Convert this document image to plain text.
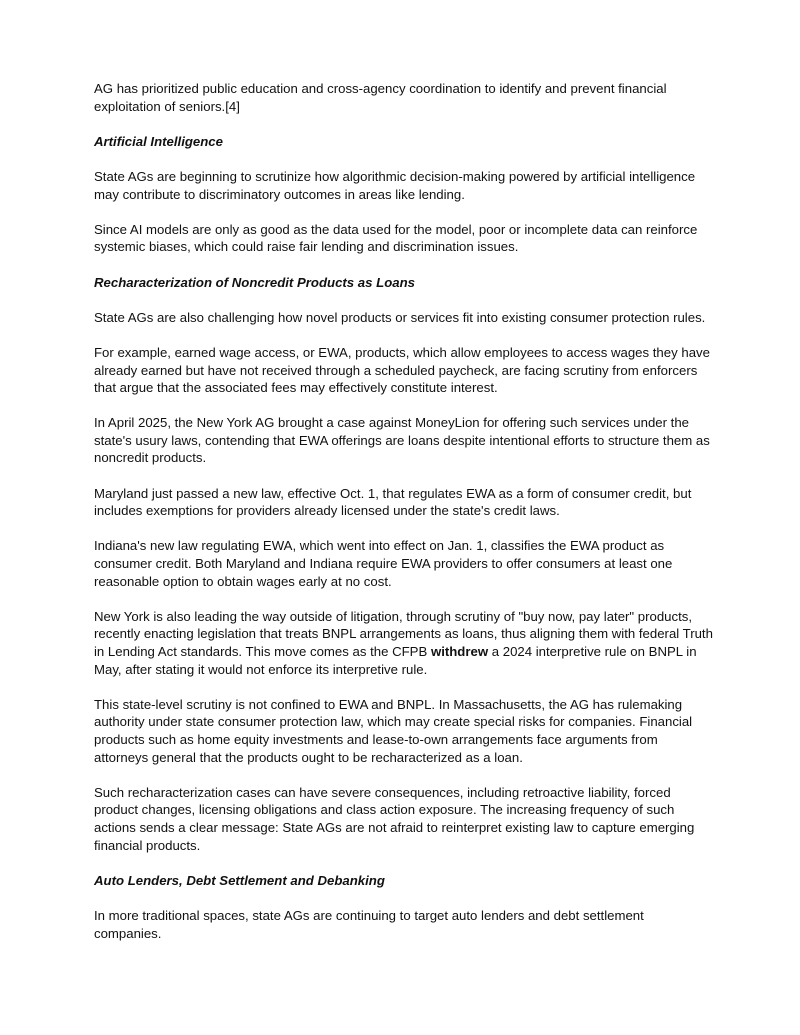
AG has prioritized public education and cross-agency coordination to identify and prevent financial exploitation of seniors.[4]

Artificial Intelligence

State AGs are beginning to scrutinize how algorithmic decision-making powered by artificial intelligence may contribute to discriminatory outcomes in areas like lending.

Since AI models are only as good as the data used for the model, poor or incomplete data can reinforce systemic biases, which could raise fair lending and discrimination issues.

Recharacterization of Noncredit Products as Loans

State AGs are also challenging how novel products or services fit into existing consumer protection rules.

For example, earned wage access, or EWA, products, which allow employees to access wages they have already earned but have not received through a scheduled paycheck, are facing scrutiny from enforcers that argue that the associated fees may effectively constitute interest.

In April 2025, the New York AG brought a case against MoneyLion for offering such services under the state's usury laws, contending that EWA offerings are loans despite intentional efforts to structure them as noncredit products.

Maryland just passed a new law, effective Oct. 1, that regulates EWA as a form of consumer credit, but includes exemptions for providers already licensed under the state's credit laws.

Indiana's new law regulating EWA, which went into effect on Jan. 1, classifies the EWA product as consumer credit. Both Maryland and Indiana require EWA providers to offer consumers at least one reasonable option to obtain wages early at no cost.

New York is also leading the way outside of litigation, through scrutiny of "buy now, pay later" products, recently enacting legislation that treats BNPL arrangements as loans, thus aligning them with federal Truth in Lending Act standards. This move comes as the CFPB withdrew a 2024 interpretive rule on BNPL in May, after stating it would not enforce its interpretive rule.

This state-level scrutiny is not confined to EWA and BNPL. In Massachusetts, the AG has rulemaking authority under state consumer protection law, which may create special risks for companies. Financial products such as home equity investments and lease-to-own arrangements face arguments from attorneys general that the products ought to be recharacterized as a loan.

Such recharacterization cases can have severe consequences, including retroactive liability, forced product changes, licensing obligations and class action exposure. The increasing frequency of such actions sends a clear message: State AGs are not afraid to reinterpret existing law to capture emerging financial products.

Auto Lenders, Debt Settlement and Debanking

In more traditional spaces, state AGs are continuing to target auto lenders and debt settlement companies.
